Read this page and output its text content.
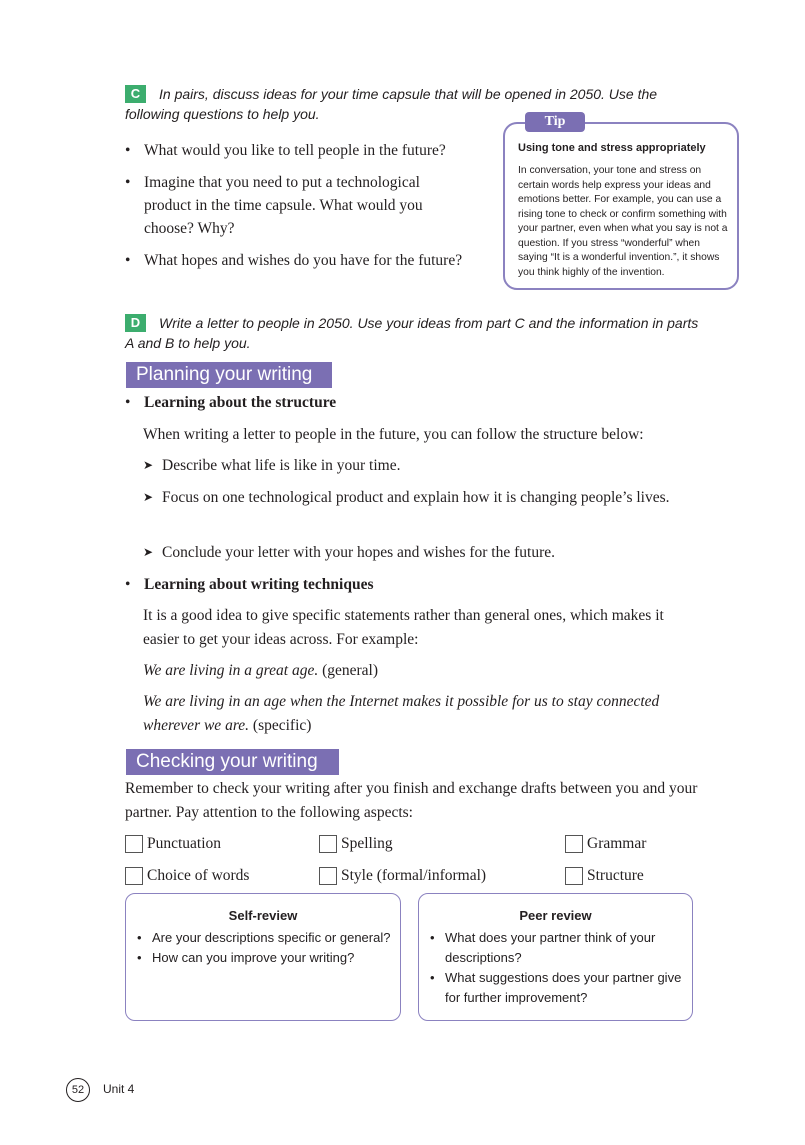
C	In pairs, discuss ideas for your time capsule that will be opened in 2050. Use the
following questions to help you.
• What would you like to tell people in the future?
• Imagine that you need to put a technological product in the time capsule. What would you choose? Why?
• What hopes and wishes do you have for the future?
Tip
Using tone and stress appropriately
In conversation, your tone and stress on certain words help express your ideas and emotions better. For example, you can use a rising tone to check or confirm something with your partner, even when what you say is not a question. If you stress “wonderful” when saying “It is a wonderful invention.”, it shows you think highly of the invention.
D	Write a letter to people in 2050. Use your ideas from part C and the information in parts
A and B to help you.
Planning your writing
• Learning about the structure
When writing a letter to people in the future, you can follow the structure below:
➤ Describe what life is like in your time.
➤ Focus on one technological product and explain how it is changing people’s lives.
➤ Conclude your letter with your hopes and wishes for the future.
• Learning about writing techniques
It is a good idea to give specific statements rather than general ones, which makes it easier to get your ideas across. For example:
We are living in a great age. (general)
We are living in an age when the Internet makes it possible for us to stay connected wherever we are. (specific)
Checking your writing
Remember to check your writing after you finish and exchange drafts between you and your partner. Pay attention to the following aspects:
Punctuation	Spelling	Grammar
Choice of words	Style (formal/informal)	Structure
Self-review
• Are your descriptions specific or general?
• How can you improve your writing?
Peer review
• What does your partner think of your descriptions?
• What suggestions does your partner give for further improvement?
52	Unit 4
